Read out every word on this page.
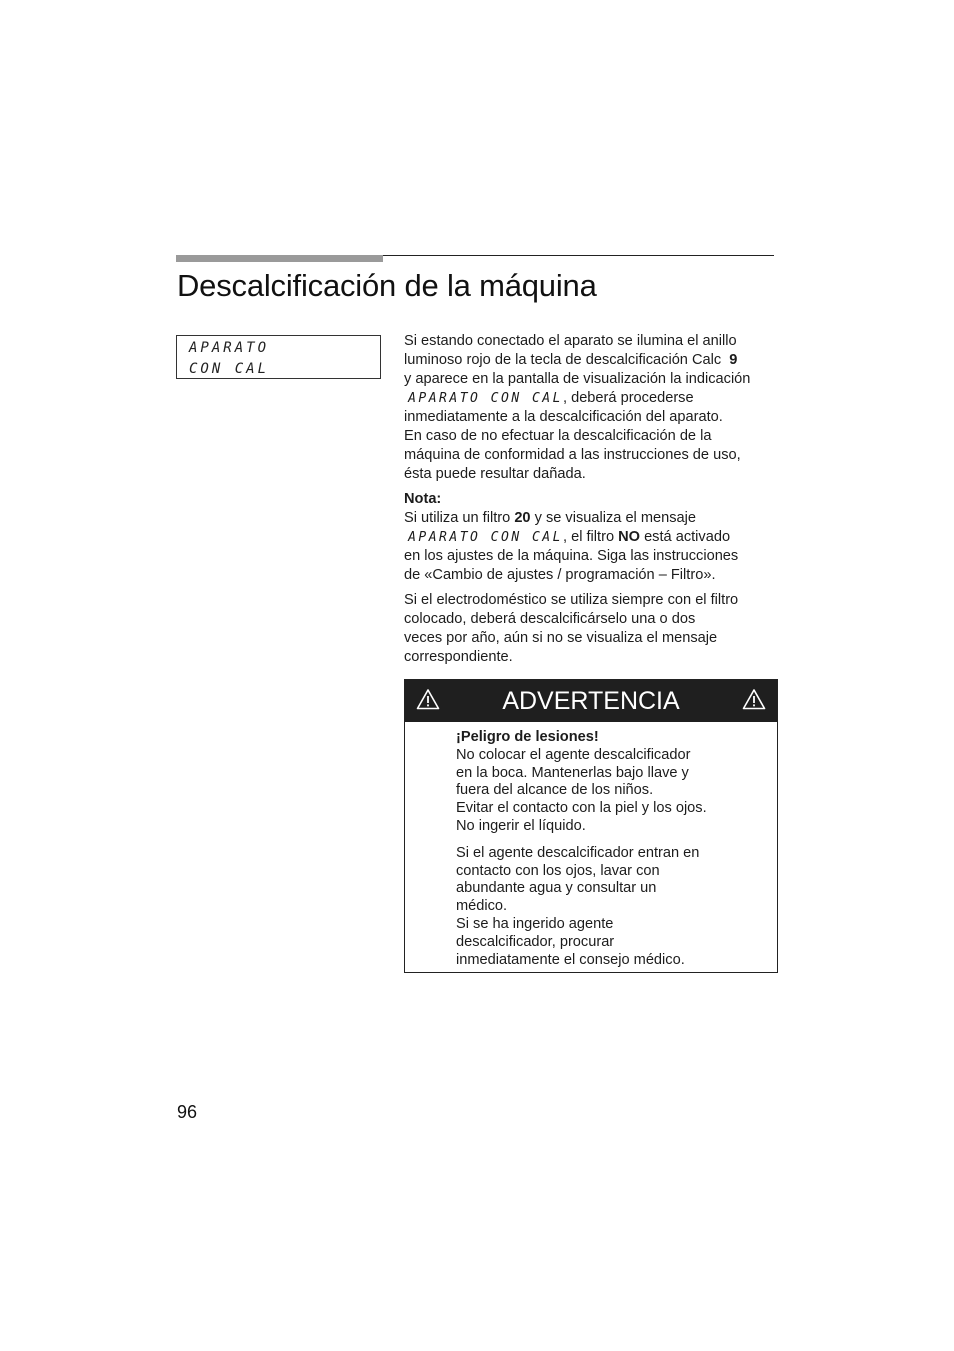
Descalcificación de la máquina
APARATO
CON CAL

Si estando conectado el aparato se ilumina el anillo

luminoso rojo de la tecla de descalcificación Calc 9

y aparece en la pantalla de visualización la indicación

APARATO CON CAL, deberá procederse

inmediatamente a la descalcificación del aparato.

En caso de no efectuar la descalcificación de la

máquina de conformidad a las instrucciones de uso,

ésta puede resultar dañada.

Nota:

Si utiliza un filtro 20 y se visualiza el mensaje

APARATO CON CAL, el filtro NO está activado

en los ajustes de la máquina. Siga las instrucciones

de «Cambio de ajustes / programación – Filtro».

Si el electrodoméstico se utiliza siempre con el filtro

colocado, deberá descalcificárselo una o dos

veces por año, aún si no se visualiza el mensaje

correspondiente.

ADVERTENCIA

¡Peligro de lesiones!

No colocar el agente descalcificador

en la boca. Mantenerlas bajo llave y

fuera del alcance de los niños.

Evitar el contacto con la piel y los ojos.

No ingerir el líquido.

Si el agente descalcificador entran en

contacto con los ojos, lavar con

abundante agua y consultar un

médico.

Si se ha ingerido agente

descalcificador, procurar

inmediatamente el consejo médico.

96
